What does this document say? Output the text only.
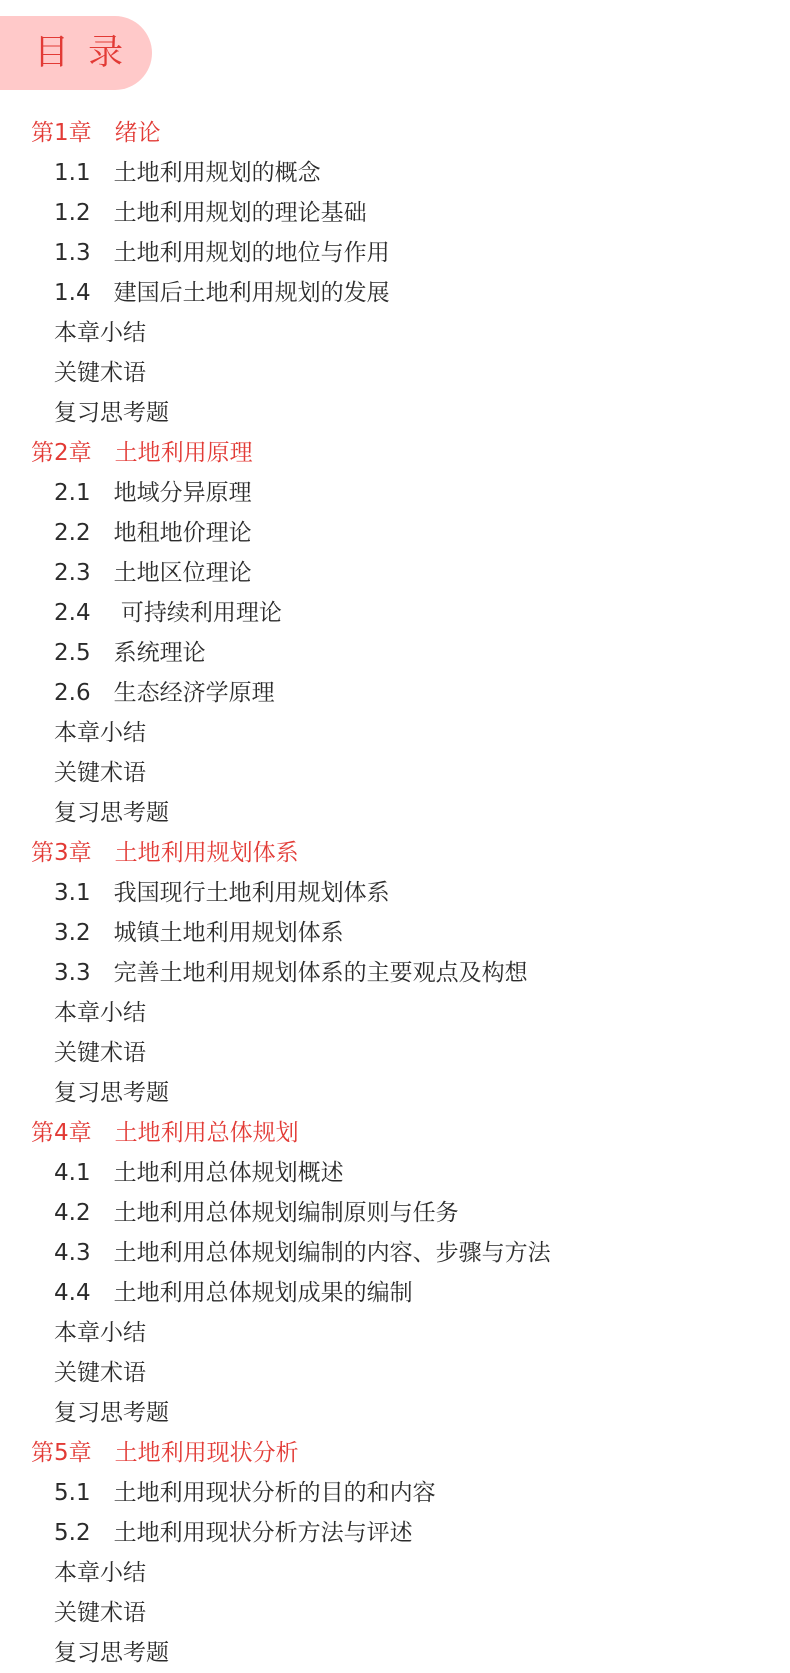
目 录
第1章　绪论
1.1　土地利用规划的概念
1.2　土地利用规划的理论基础
1.3　土地利用规划的地位与作用
1.4　建国后土地利用规划的发展
本章小结
关键术语
复习思考题
第2章　土地利用原理
2.1　地域分异原理
2.2　地租地价理论
2.3　土地区位理论
2.4　 可持续利用理论
2.5　系统理论
2.6　生态经济学原理
本章小结
关键术语
复习思考题
第3章　土地利用规划体系
3.1　我国现行土地利用规划体系
3.2　城镇土地利用规划体系
3.3　完善土地利用规划体系的主要观点及构想
本章小结
关键术语
复习思考题
第4章　土地利用总体规划
4.1　土地利用总体规划概述
4.2　土地利用总体规划编制原则与任务
4.3　土地利用总体规划编制的内容、步骤与方法
4.4　土地利用总体规划成果的编制
本章小结
关键术语
复习思考题
第5章　土地利用现状分析
5.1　土地利用现状分析的目的和内容
5.2　土地利用现状分析方法与评述
本章小结
关键术语
复习思考题
